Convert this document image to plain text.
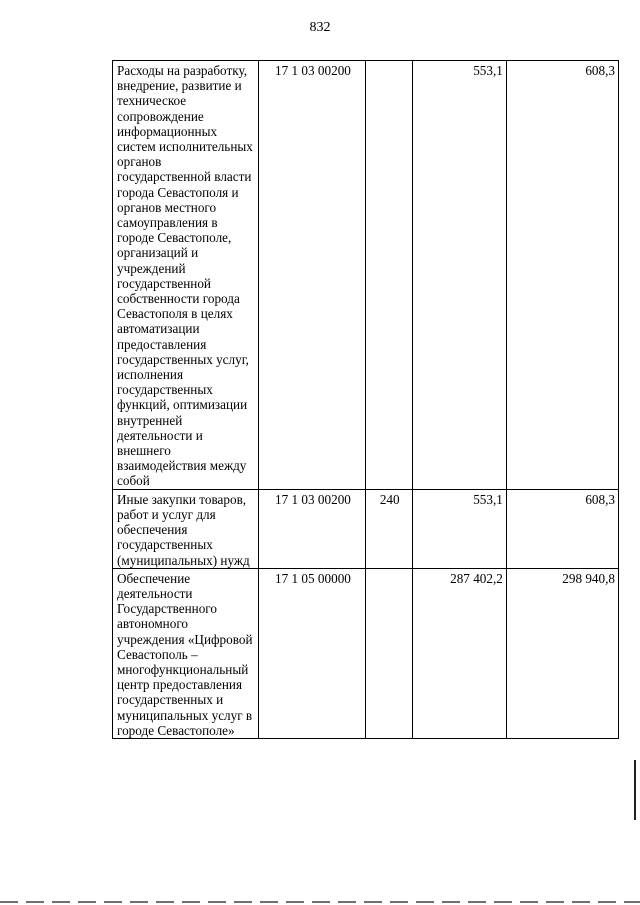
832
Расходы на разработку, внедрение, развитие и техническое сопровождение информационных систем исполнительных органов государственной власти города Севастополя и органов местного самоуправления в городе Севастополе, организаций и учреждений государственной собственности города Севастополя в целях автоматизации предоставления государственных услуг, исполнения государственных функций, оптимизации внутренней деятельности и внешнего взаимодействия между собой	17 1 03 00200		553,1	608,3
Иные закупки товаров, работ и услуг для обеспечения государственных (муниципальных) нужд	17 1 03 00200	240	553,1	608,3
Обеспечение деятельности Государственного автономного учреждения «Цифровой Севастополь – многофункциональный центр предоставления государственных и муниципальных услуг в городе Севастополе»	17 1 05 00000		287 402,2	298 940,8
